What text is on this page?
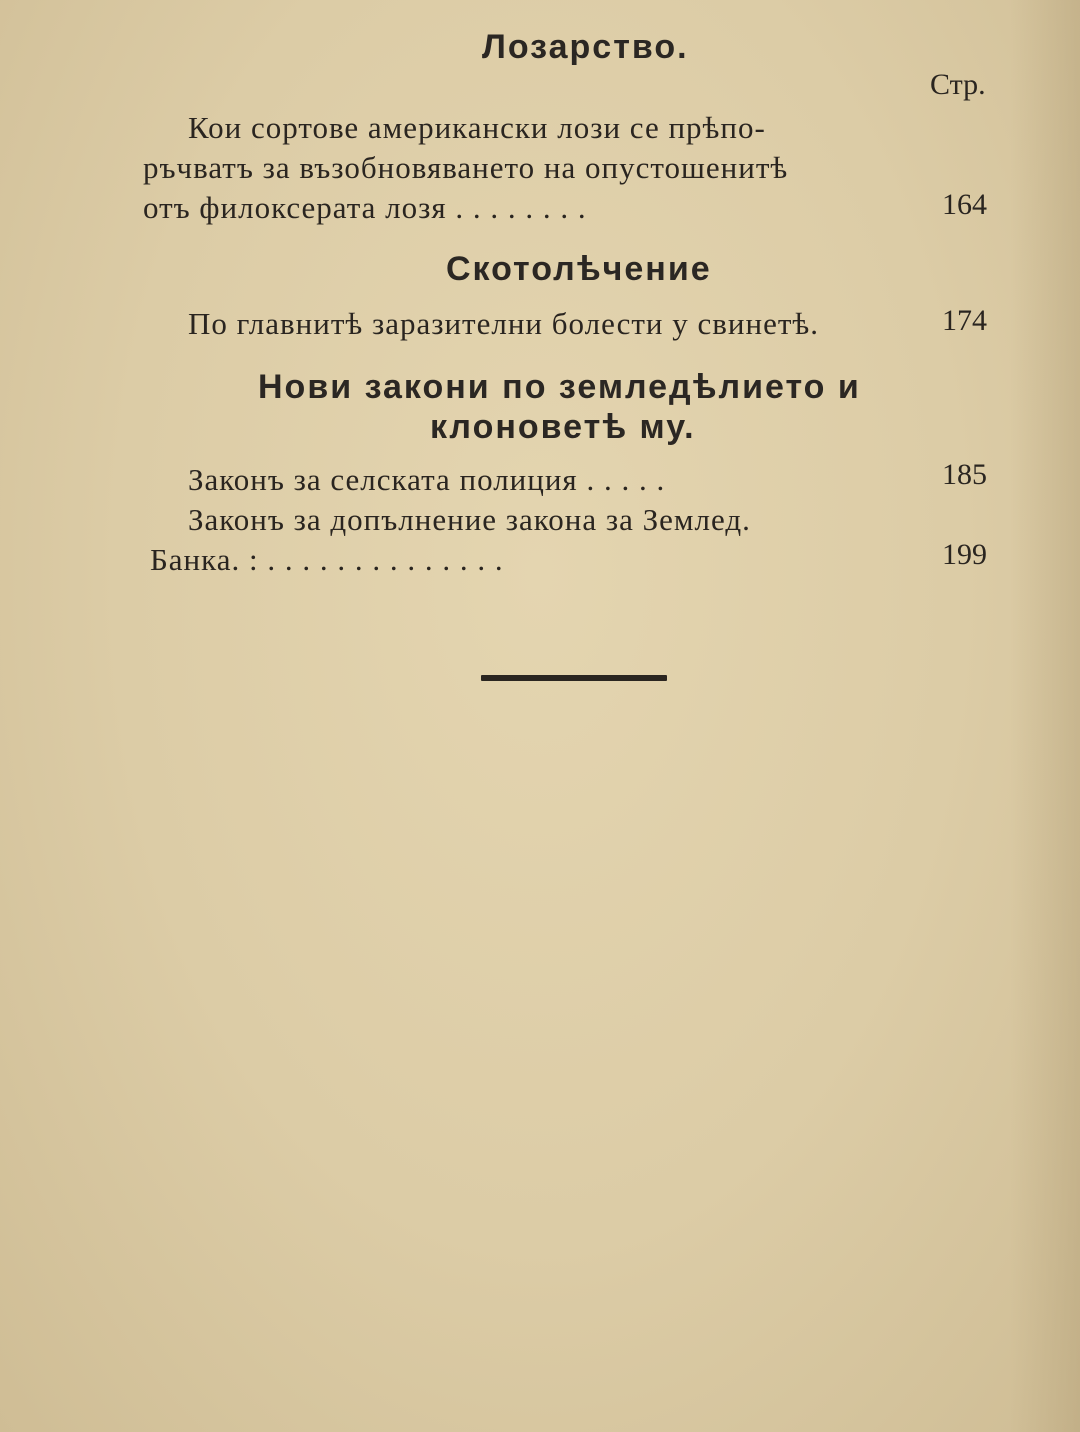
Лозарство.
Стр.
Кои сортове американски лози се прѣпо-
ръчватъ за възобновяването на опустошенитѣ
отъ филоксерата лозя . . . . . . . .	164
Скотолѣчение
По главнитѣ заразителни болести у свинетѣ.	174
Нови закони по земледѣлието и
клоноветѣ му.
Законъ за селската полиция . . . . .	185
Законъ за допълнение закона за Землед.
Банка. : . . . . . . . . . . . . . .	199
